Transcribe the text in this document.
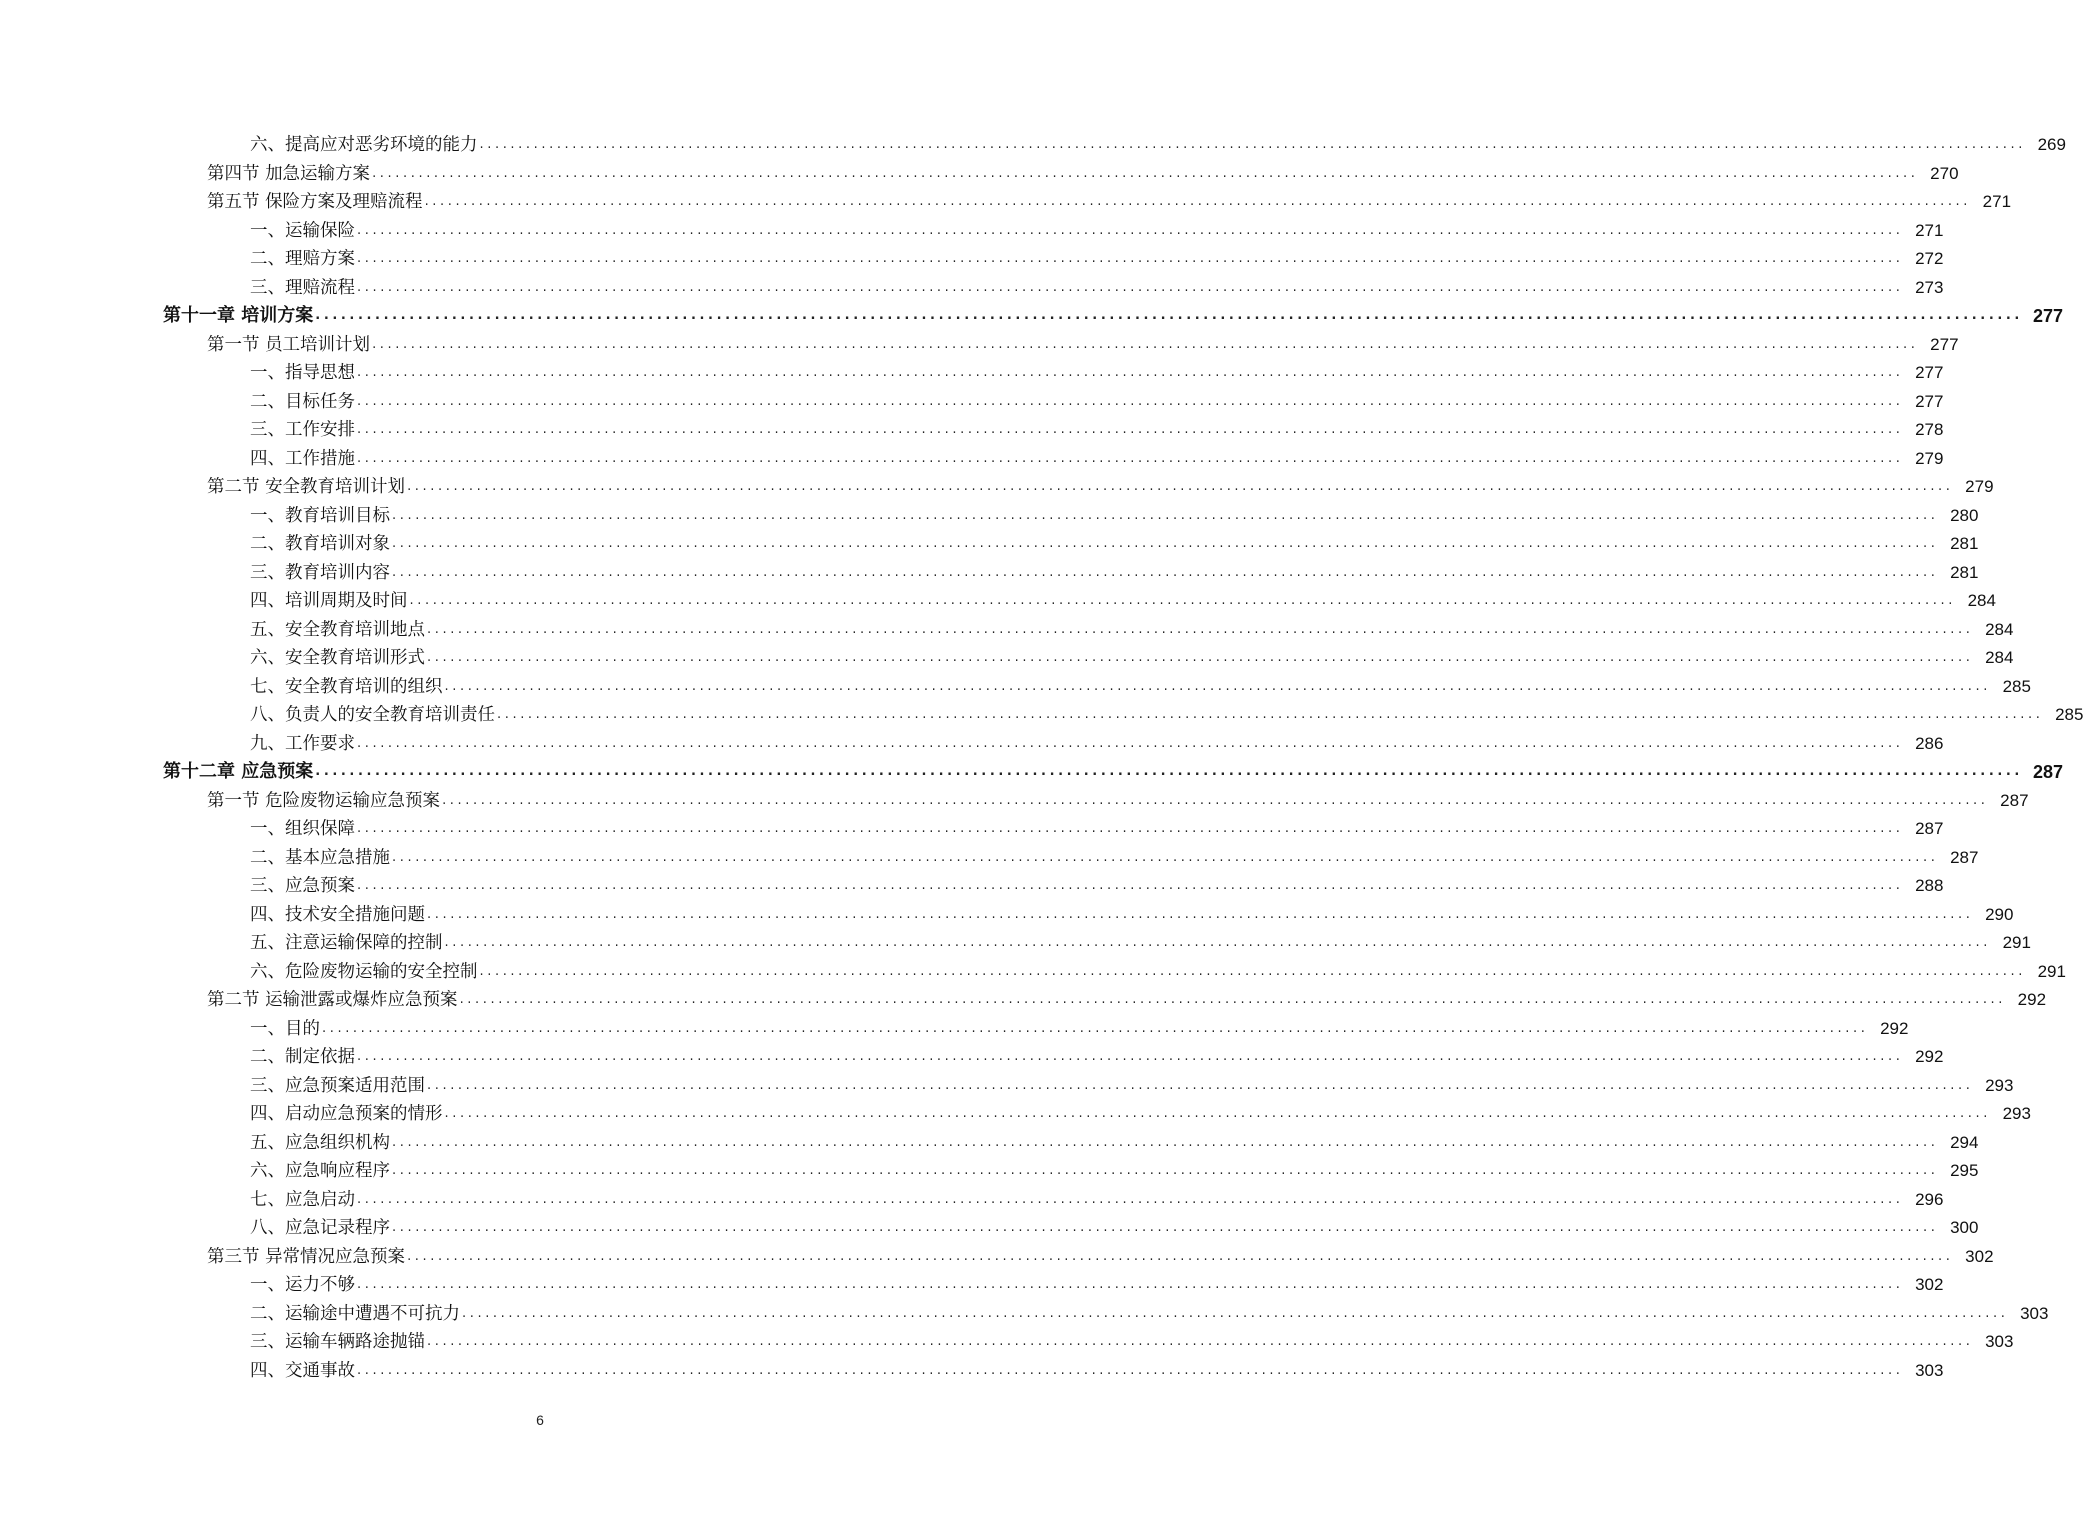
六、提高应对恶劣环境的能力 ........................................................................................................................................................................................................ 269
第四节 加急运输方案 ........................................................................................................................................................................................................ 270
第五节 保险方案及理赔流程 ........................................................................................................................................................................................................ 271
一、运输保险 ........................................................................................................................................................................................................ 271
二、理赔方案 ........................................................................................................................................................................................................ 272
三、理赔流程 ........................................................................................................................................................................................................ 273
第十一章 培训方案 ........................................................................................................................................................................................................ 277
第一节 员工培训计划 ........................................................................................................................................................................................................ 277
一、指导思想 ........................................................................................................................................................................................................ 277
二、目标任务 ........................................................................................................................................................................................................ 277
三、工作安排 ........................................................................................................................................................................................................ 278
四、工作措施 ........................................................................................................................................................................................................ 279
第二节 安全教育培训计划 ........................................................................................................................................................................................................ 279
一、教育培训目标 ........................................................................................................................................................................................................ 280
二、教育培训对象 ........................................................................................................................................................................................................ 281
三、教育培训内容 ........................................................................................................................................................................................................ 281
四、培训周期及时间 ........................................................................................................................................................................................................ 284
五、安全教育培训地点 ........................................................................................................................................................................................................ 284
六、安全教育培训形式 ........................................................................................................................................................................................................ 284
七、安全教育培训的组织 ........................................................................................................................................................................................................ 285
八、负责人的安全教育培训责任 ........................................................................................................................................................................................................ 285
九、工作要求 ........................................................................................................................................................................................................ 286
第十二章 应急预案 ........................................................................................................................................................................................................ 287
第一节 危险废物运输应急预案 ........................................................................................................................................................................................................ 287
一、组织保障 ........................................................................................................................................................................................................ 287
二、基本应急措施 ........................................................................................................................................................................................................ 287
三、应急预案 ........................................................................................................................................................................................................ 288
四、技术安全措施问题 ........................................................................................................................................................................................................ 290
五、注意运输保障的控制 ........................................................................................................................................................................................................ 291
六、危险废物运输的安全控制 ........................................................................................................................................................................................................ 291
第二节 运输泄露或爆炸应急预案 ........................................................................................................................................................................................................ 292
一、目的 ........................................................................................................................................................................................................ 292
二、制定依据 ........................................................................................................................................................................................................ 292
三、应急预案适用范围 ........................................................................................................................................................................................................ 293
四、启动应急预案的情形 ........................................................................................................................................................................................................ 293
五、应急组织机构 ........................................................................................................................................................................................................ 294
六、应急响应程序 ........................................................................................................................................................................................................ 295
七、应急启动 ........................................................................................................................................................................................................ 296
八、应急记录程序 ........................................................................................................................................................................................................ 300
第三节 异常情况应急预案 ........................................................................................................................................................................................................ 302
一、运力不够 ........................................................................................................................................................................................................ 302
二、运输途中遭遇不可抗力 ........................................................................................................................................................................................................ 303
三、运输车辆路途抛锚 ........................................................................................................................................................................................................ 303
四、交通事故 ........................................................................................................................................................................................................ 303
6
